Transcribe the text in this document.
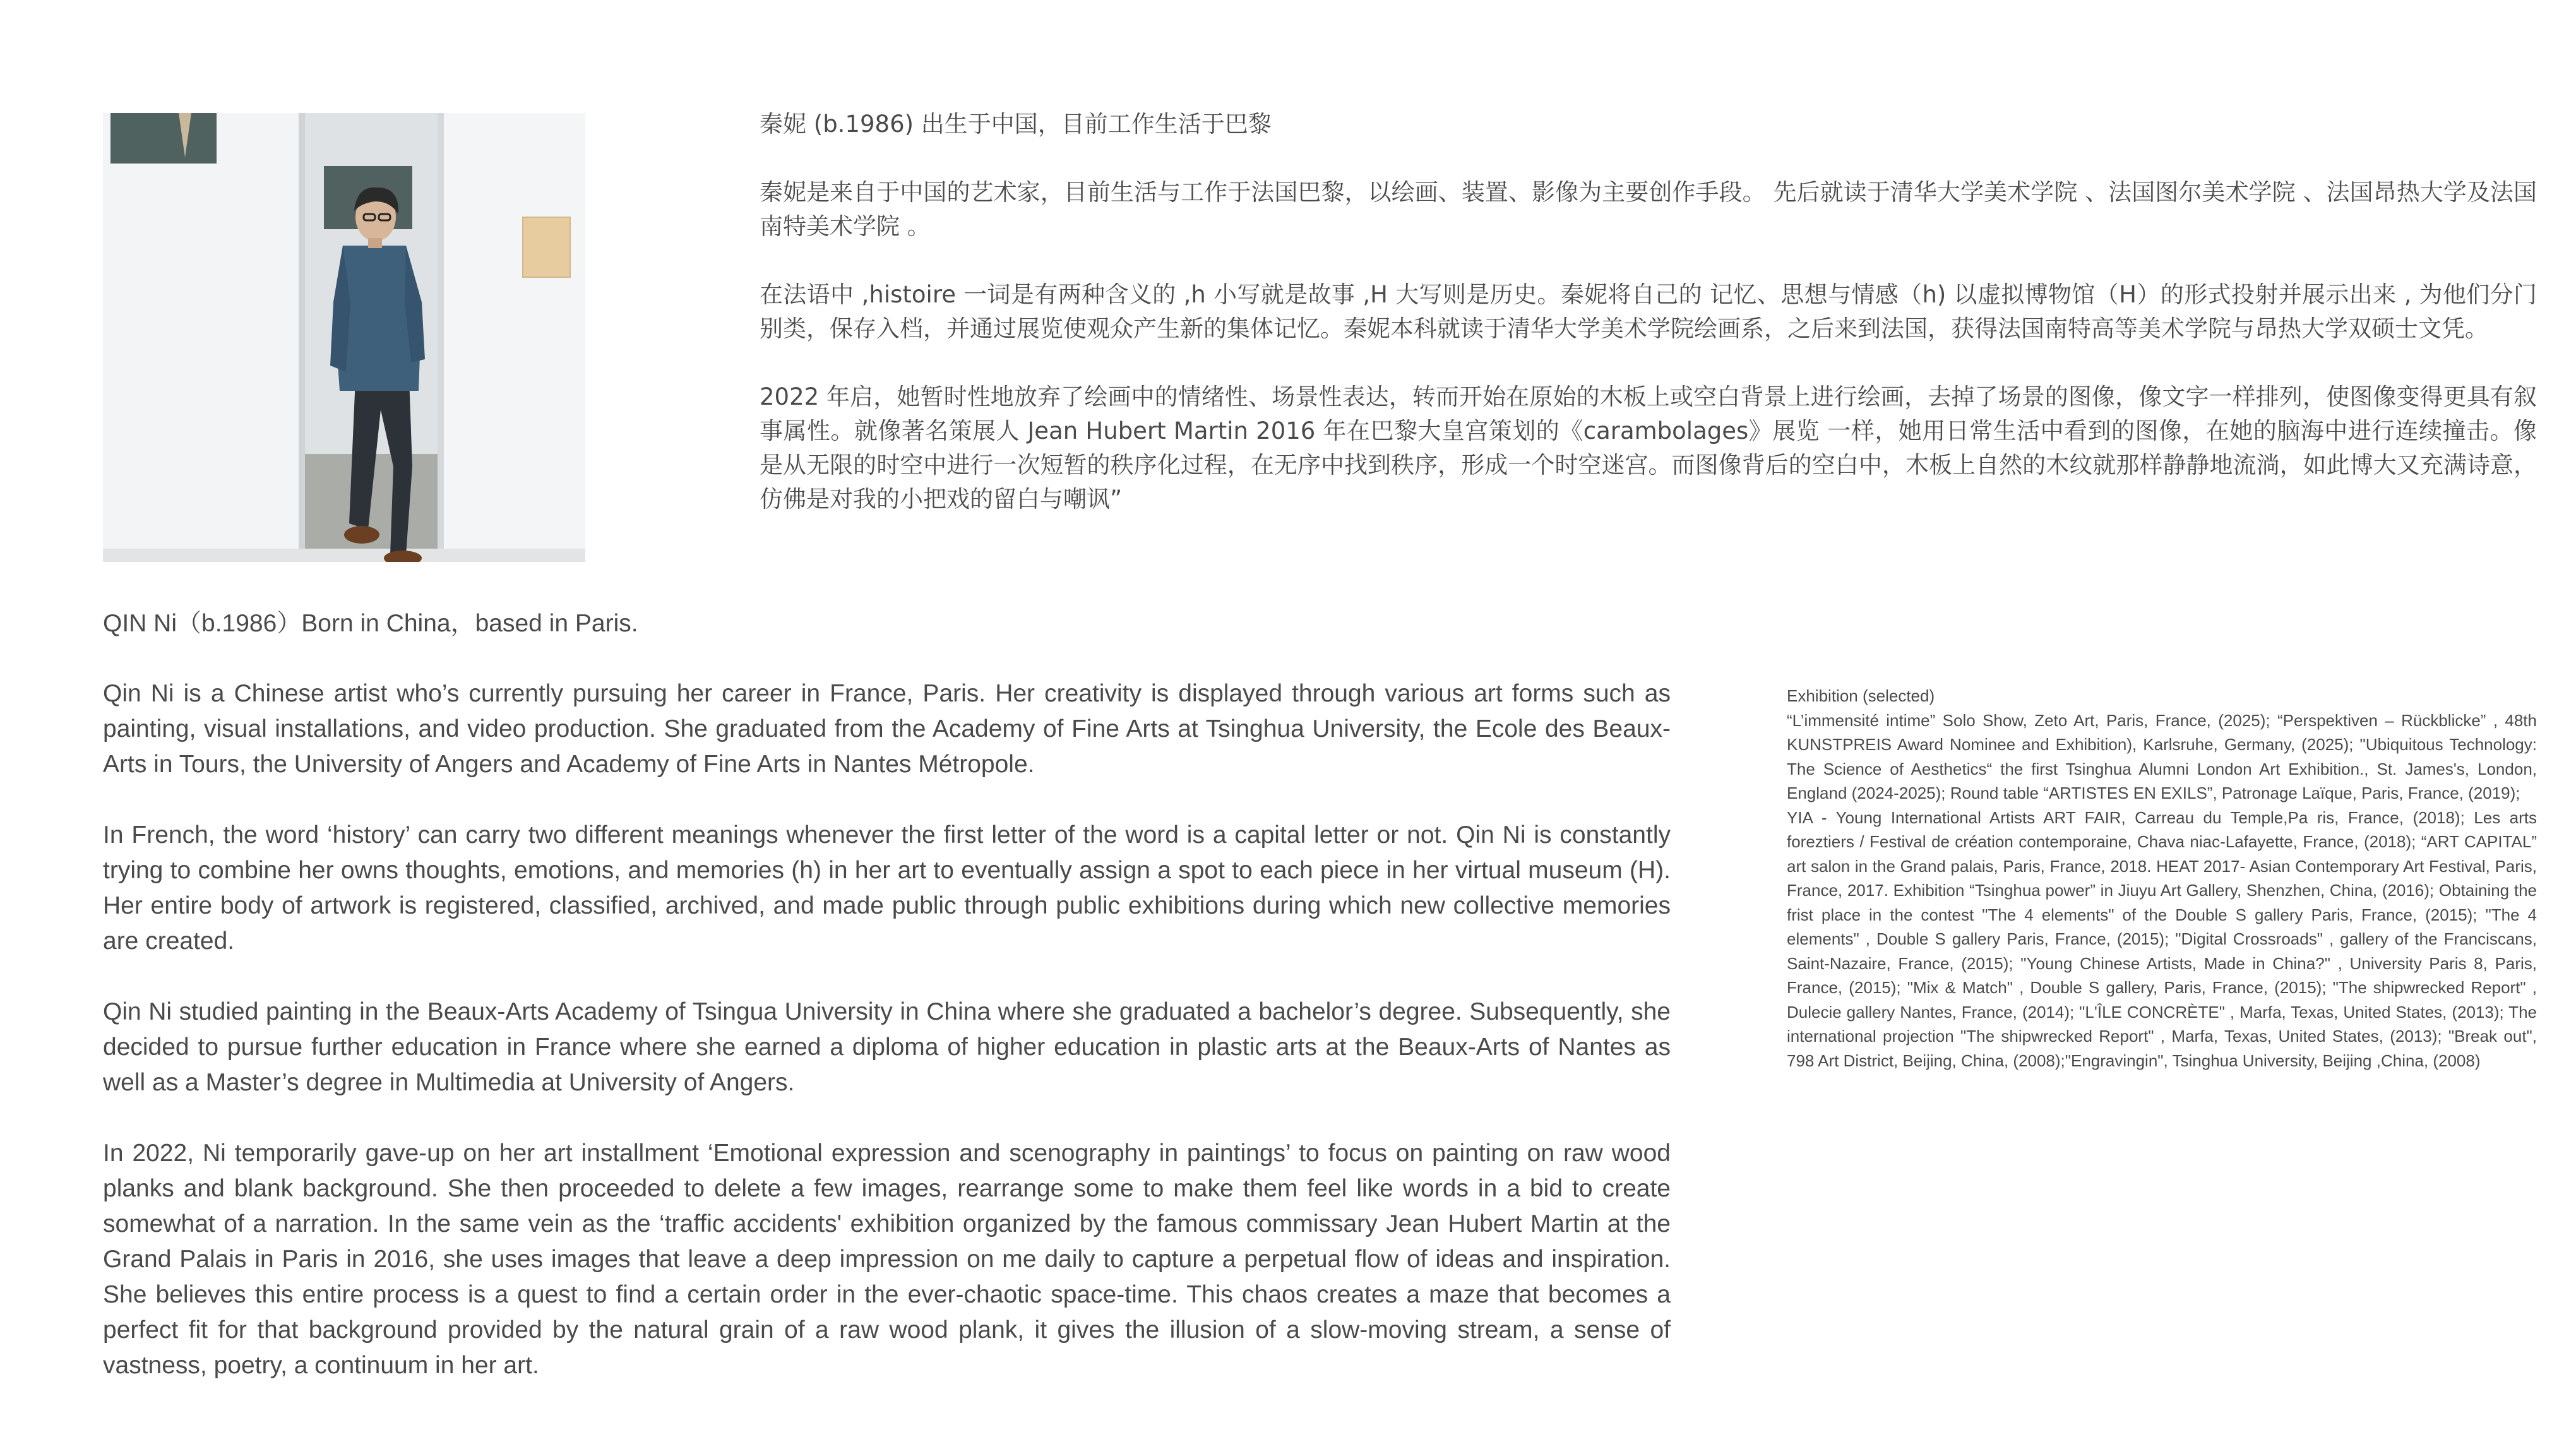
秦妮 (b.1986) 出生于中国，目前工作生活于巴黎

秦妮是来自于中国的艺术家，目前生活与工作于法国巴黎，以绘画、装置、影像为主要创作手段。 先后就读于清华大学美术学院 、法国图尔美术学院 、法国昂热大学及法国南特美术学院 。

在法语中 ,histoire 一词是有两种含义的 ,h 小写就是故事 ,H 大写则是历史。秦妮将自己的 记忆、思想与情感（h) 以虚拟博物馆（H）的形式投射并展示出来 , 为他们分门别类，保存入档，并通过展览使观众产生新的集体记忆。秦妮本科就读于清华大学美术学院绘画系，之后来到法国，获得法国南特高等美术学院与昂热大学双硕士文凭。

2022 年启，她暂时性地放弃了绘画中的情绪性、场景性表达，转而开始在原始的木板上或空白背景上进行绘画，去掉了场景的图像，像文字一样排列，使图像变得更具有叙事属性。就像著名策展人 Jean Hubert Martin 2016 年在巴黎大皇宫策划的《carambolages》展览 一样，她用日常生活中看到的图像，在她的脑海中进行连续撞击。像是从无限的时空中进行一次短暂的秩序化过程，在无序中找到秩序，形成一个时空迷宫。而图像背后的空白中，木板上自然的木纹就那样静静地流淌，如此博大又充满诗意，仿佛是对我的小把戏的留白与嘲讽”

QIN Ni（b.1986）Born in China，based in Paris.

Qin Ni is a Chinese artist who’s currently pursuing her career in France, Paris. Her creativity is displayed through various art forms such as painting, visual installations, and video production. She graduated from the Academy of Fine Arts at Tsinghua University, the Ecole des Beaux-Arts in Tours, the University of Angers and Academy of Fine Arts in Nantes Métropole.

In French, the word ‘history’ can carry two different meanings whenever the first letter of the word is a capital letter or not. Qin Ni is constantly trying to combine her owns thoughts, emotions, and memories (h) in her art to eventually assign a spot to each piece in her virtual museum (H). Her entire body of artwork is registered, classified, archived, and made public through public exhibitions during which new collective memories are created.

Qin Ni studied painting in the Beaux-Arts Academy of Tsingua University in China where she graduated a bachelor’s degree. Subsequently, she decided to pursue further education in France where she earned a diploma of higher education in plastic arts at the Beaux-Arts of Nantes as well as a Master’s degree in Multimedia at University of Angers.

In 2022, Ni temporarily gave-up on her art installment ‘Emotional expression and scenography in paintings’ to focus on painting on raw wood planks and blank background. She then proceeded to delete a few images, rearrange some to make them feel like words in a bid to create somewhat of a narration. In the same vein as the ‘traffic accidents' exhibition organized by the famous commissary Jean Hubert Martin at the Grand Palais in Paris in 2016, she uses images that leave a deep impression on me daily to capture a perpetual flow of ideas and inspiration. She believes this entire process is a quest to find a certain order in the ever-chaotic space-time. This chaos creates a maze that becomes a perfect fit for that background provided by the natural grain of a raw wood plank, it gives the illusion of a slow-moving stream, a sense of vastness, poetry, a continuum in her art.

Exhibition (selected)

“L’immensité intime” Solo Show, Zeto Art, Paris, France, (2025); “Perspektiven – Rückblicke” , 48th KUNSTPREIS Award Nominee and Exhibition), Karlsruhe, Germany, (2025); "Ubiquitous Technology: The Science of Aesthetics“ the first Tsinghua Alumni London Art Exhibition., St. James's, London, England (2024-2025); Round table “ARTISTES EN EXILS”, Patronage Laïque, Paris, France, (2019);

YIA - Young International Artists ART FAIR, Carreau du Temple,Pa ris, France, (2018); Les arts foreztiers / Festival de création contemporaine, Chava niac-Lafayette, France, (2018); “ART CAPITAL” art salon in the Grand palais, Paris, France, 2018. HEAT 2017- Asian Contemporary Art Festival, Paris, France, 2017. Exhibition “Tsinghua power” in Jiuyu Art Gallery, Shenzhen, China, (2016); Obtaining the frist place in the contest "The 4 elements" of the Double S gallery Paris, France, (2015); "The 4 elements" , Double S gallery Paris, France, (2015); "Digital Crossroads" , gallery of the Franciscans, Saint-Nazaire, France, (2015); "Young Chinese Artists, Made in China?" , University Paris 8, Paris, France, (2015); "Mix & Match" , Double S gallery, Paris, France, (2015); "The shipwrecked Report" , Dulecie gallery Nantes, France, (2014); "L'ÎLE CONCRÈTE" , Marfa, Texas, United States, (2013); The international projection "The shipwrecked Report" , Marfa, Texas, United States, (2013); "Break out", 798 Art District, Beijing, China, (2008);"Engravingin", Tsinghua University, Beijing ,China, (2008)
